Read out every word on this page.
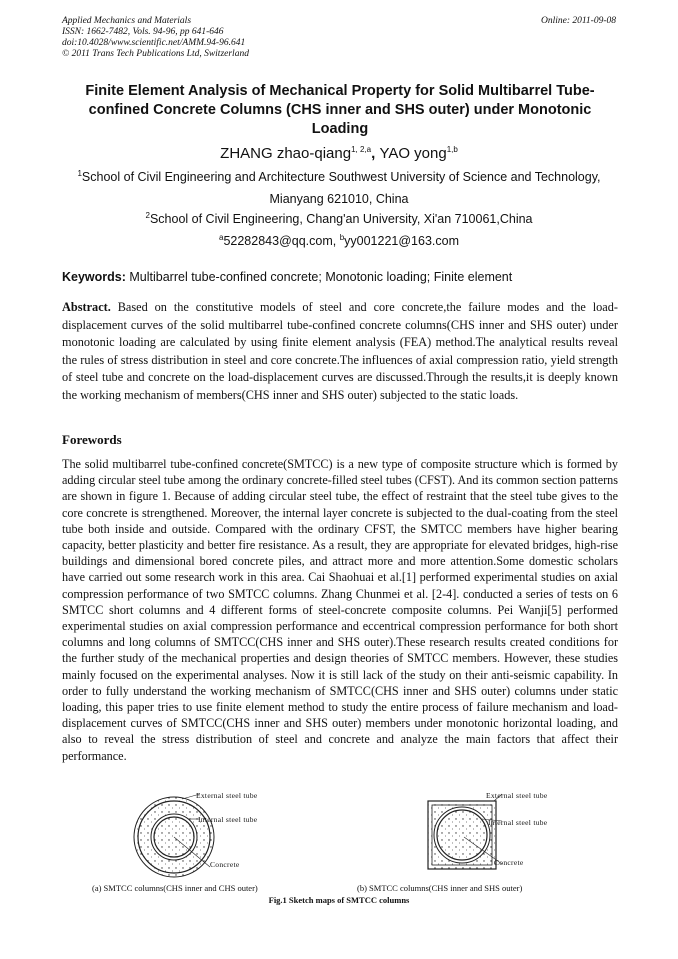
Applied Mechanics and Materials
ISSN: 1662-7482, Vols. 94-96, pp 641-646
doi:10.4028/www.scientific.net/AMM.94-96.641
© 2011 Trans Tech Publications Ltd, Switzerland
Online: 2011-09-08
Finite Element Analysis of Mechanical Property for Solid Multibarrel Tube-confined Concrete Columns (CHS inner and SHS outer) under Monotonic Loading
ZHANG zhao-qiang$^{1, 2,a}$, YAO yong$^{1,b}$
$^1$School of Civil Engineering and Architecture Southwest University of Science and Technology,
Mianyang 621010, China
$^2$School of Civil Engineering, Chang'an University, Xi'an 710061,China
$^a$52282843@qq.com, $^b$yy001221@163.com
Keywords: Multibarrel tube-confined concrete; Monotonic loading; Finite element
Abstract. Based on the constitutive models of steel and core concrete,the failure modes and the load-displacement curves of the solid multibarrel tube-confined concrete columns(CHS inner and SHS outer) under monotonic loading are calculated by using finite element analysis (FEA) method.The analytical results reveal the rules of stress distribution in steel and core concrete.The influences of axial compression ratio, yield strength of steel tube and concrete on the load-displacement curves are discussed.Through the results,it is deeply known the working mechanism of members(CHS inner and SHS outer) subjected to the static loads.
Forewords
The solid multibarrel tube-confined concrete(SMTCC) is a new type of composite structure which is formed by adding circular steel tube among the ordinary concrete-filled steel tubes (CFST). And its common section patterns are shown in figure 1. Because of adding circular steel tube, the effect of restraint that the steel tube gives to the core concrete is strengthened. Moreover, the internal layer concrete is subjected to the dual-coating from the steel tube both inside and outside. Compared with the ordinary CFST, the SMTCC members have higher bearing capacity, better plasticity and better fire resistance. As a result, they are appropriate for elevated bridges, high-rise buildings and dimensional bored concrete piles, and attract more and more attention.Some domestic scholars have carried out some research work in this area. Cai Shaohuai et al.[1] performed experimental studies on axial compression performance of two SMTCC columns. Zhang Chunmei et al. [2-4]. conducted a series of tests on 6 SMTCC short columns and 4 different forms of steel-concrete composite columns. Pei Wanji[5] performed experimental studies on axial compression performance and eccentrical compression performance for both short columns and long columns of SMTCC(CHS inner and SHS outer).These research results created conditions for the further study of the mechanical properties and design theories of SMTCC members. However, these studies mainly focused on the experimental analyses. Now it is still lack of the study on their anti-seismic capability. In order to fully understand the working mechanism of SMTCC(CHS inner and SHS outer) columns under static loading, this paper tries to use finite element method to study the entire process of failure mechanism and load-displacement curves of SMTCC(CHS inner and SHS outer) members under monotonic horizontal loading, and also to reveal the stress distribution of steel and concrete and analyze the main factors that affect their performance.
External steel tube
Internal steel tube
Concrete
External steel tube
Internal steel tube
Concrete
(a) SMTCC columns(CHS inner and CHS outer)	(b) SMTCC columns(CHS inner and SHS outer)
Fig.1 Sketch maps of SMTCC columns
